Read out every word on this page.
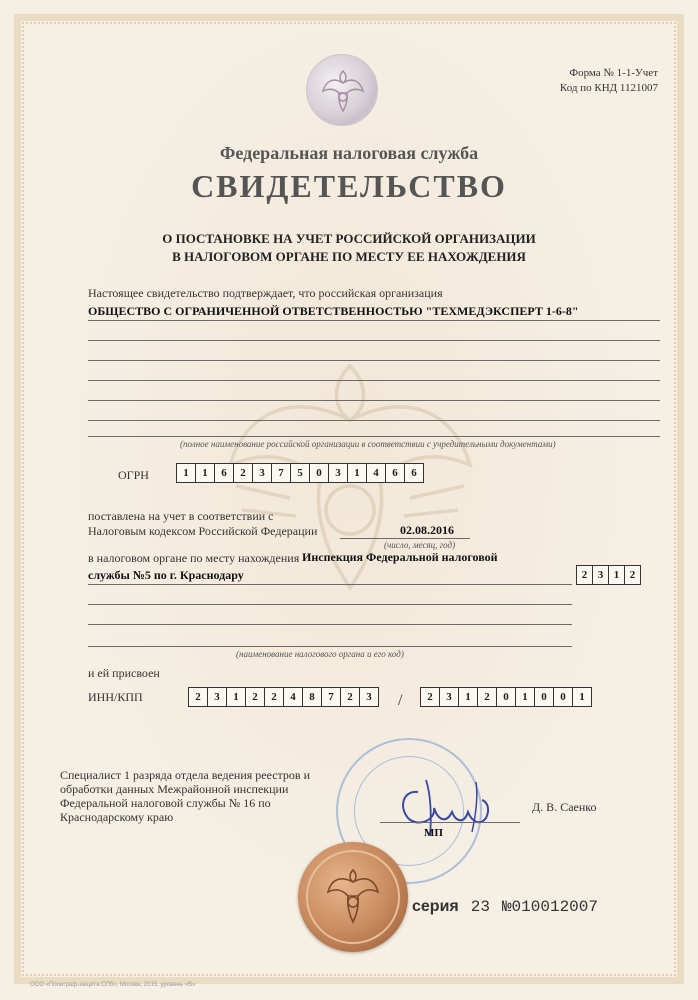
Форма № 1-1-Учет
Код по КНД 1121007
Федеральная налоговая служба
СВИДЕТЕЛЬСТВО
О ПОСТАНОВКЕ НА УЧЕТ РОССИЙСКОЙ ОРГАНИЗАЦИИ
В НАЛОГОВОМ ОРГАНЕ ПО МЕСТУ ЕЕ НАХОЖДЕНИЯ
Настоящее свидетельство подтверждает, что российская организация
ОБЩЕСТВО С ОГРАНИЧЕННОЙ ОТВЕТСТВЕННОСТЬЮ "ТЕХМЕДЭКСПЕРТ 1-6-8"
(полное наименование российской организации в соответствии с учредительными документами)
ОГРН	1	1	6	2	3	7	5	0	3	1	4	6	6
поставлена на учет в соответствии с
Налоговым кодексом Российской Федерации	02.08.2016
(число, месяц, год)
в налоговом органе по месту нахождения Инспекция Федеральной налоговой
службы №5 по г. Краснодару	2 3 1 2
(наименование налогового органа и его код)
и ей присвоен
ИНН/КПП	2	3	1	2	2	4	8	7	2	3	/	2	3	1	2	0	1	0	0	1
Специалист 1 разряда отдела ведения реестров и
обработки данных Межрайонной инспекции
Федеральной налоговой службы № 16 по
Краснодарскому краю
МП
Д. В. Саенко
серия 23 №010012007
ООО «Полиграф-защита СПб», Москва, 2015, уровень «В»
